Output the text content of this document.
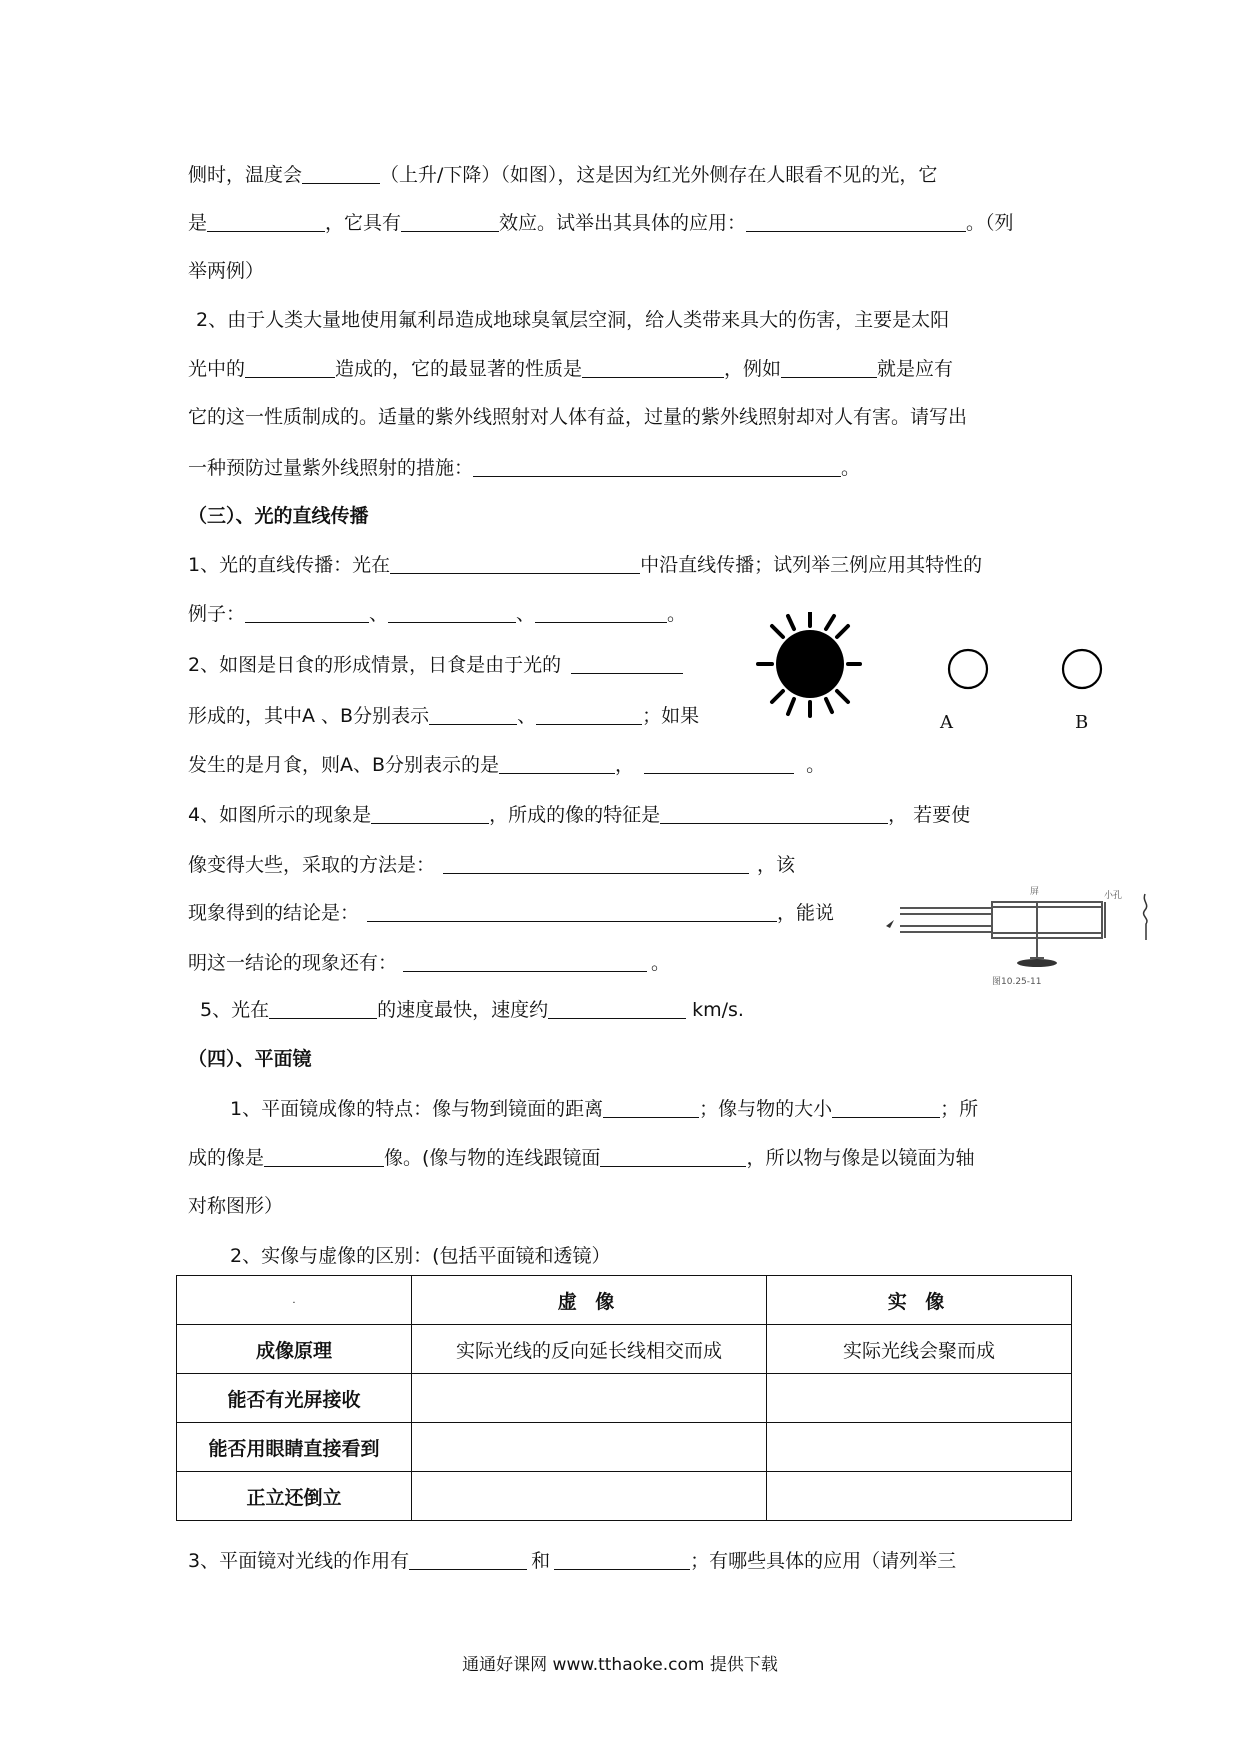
侧时，温度会	（上升/下降）（如图），这是因为红光外侧存在人眼看不见的光，它
是	，它具有	效应。试举出其具体的应用：	。（列
举两例）
2、由于人类大量地使用氟利昂造成地球臭氧层空洞，给人类带来具大的伤害，主要是太阳
光中的	造成的，它的最显著的性质是	，例如	就是应有
它的这一性质制成的。适量的紫外线照射对人体有益，过量的紫外线照射却对人有害。请写出
一种预防过量紫外线照射的措施：	。
（三）、光的直线传播
1、光的直线传播：光在	中沿直线传播；试列举三例应用其特性的
例子：	、	、	。
2、如图是日食的形成情景，日食是由于光的
形成的，其中A 、B分别表示	、	；如果
发生的是月食，则A、B分别表示的是	，	。
A	B
4、如图所示的现象是	，所成的像的特征是	， 若要使
像变得大些，采取的方法是：	，该
现象得到的结论是：	，能说
明这一结论的现象还有：	。
屏	小孔
图10.25-11
5、光在	的速度最快，速度约	km/s.
（四）、平面镜
1、平面镜成像的特点：像与物到镜面的距离	；像与物的大小	；所
成的像是	像。(像与物的连线跟镜面	，所以物与像是以镜面为轴
对称图形）
2、实像与虚像的区别：(包括平面镜和透镜）
.	虚 像	实 像
成像原理	实际光线的反向延长线相交而成	实际光线会聚而成
能否有光屏接收		
能否用眼睛直接看到		
正立还倒立		
3、平面镜对光线的作用有	和	；有哪些具体的应用（请列举三
通通好课网 www.tthaoke.com 提供下载
